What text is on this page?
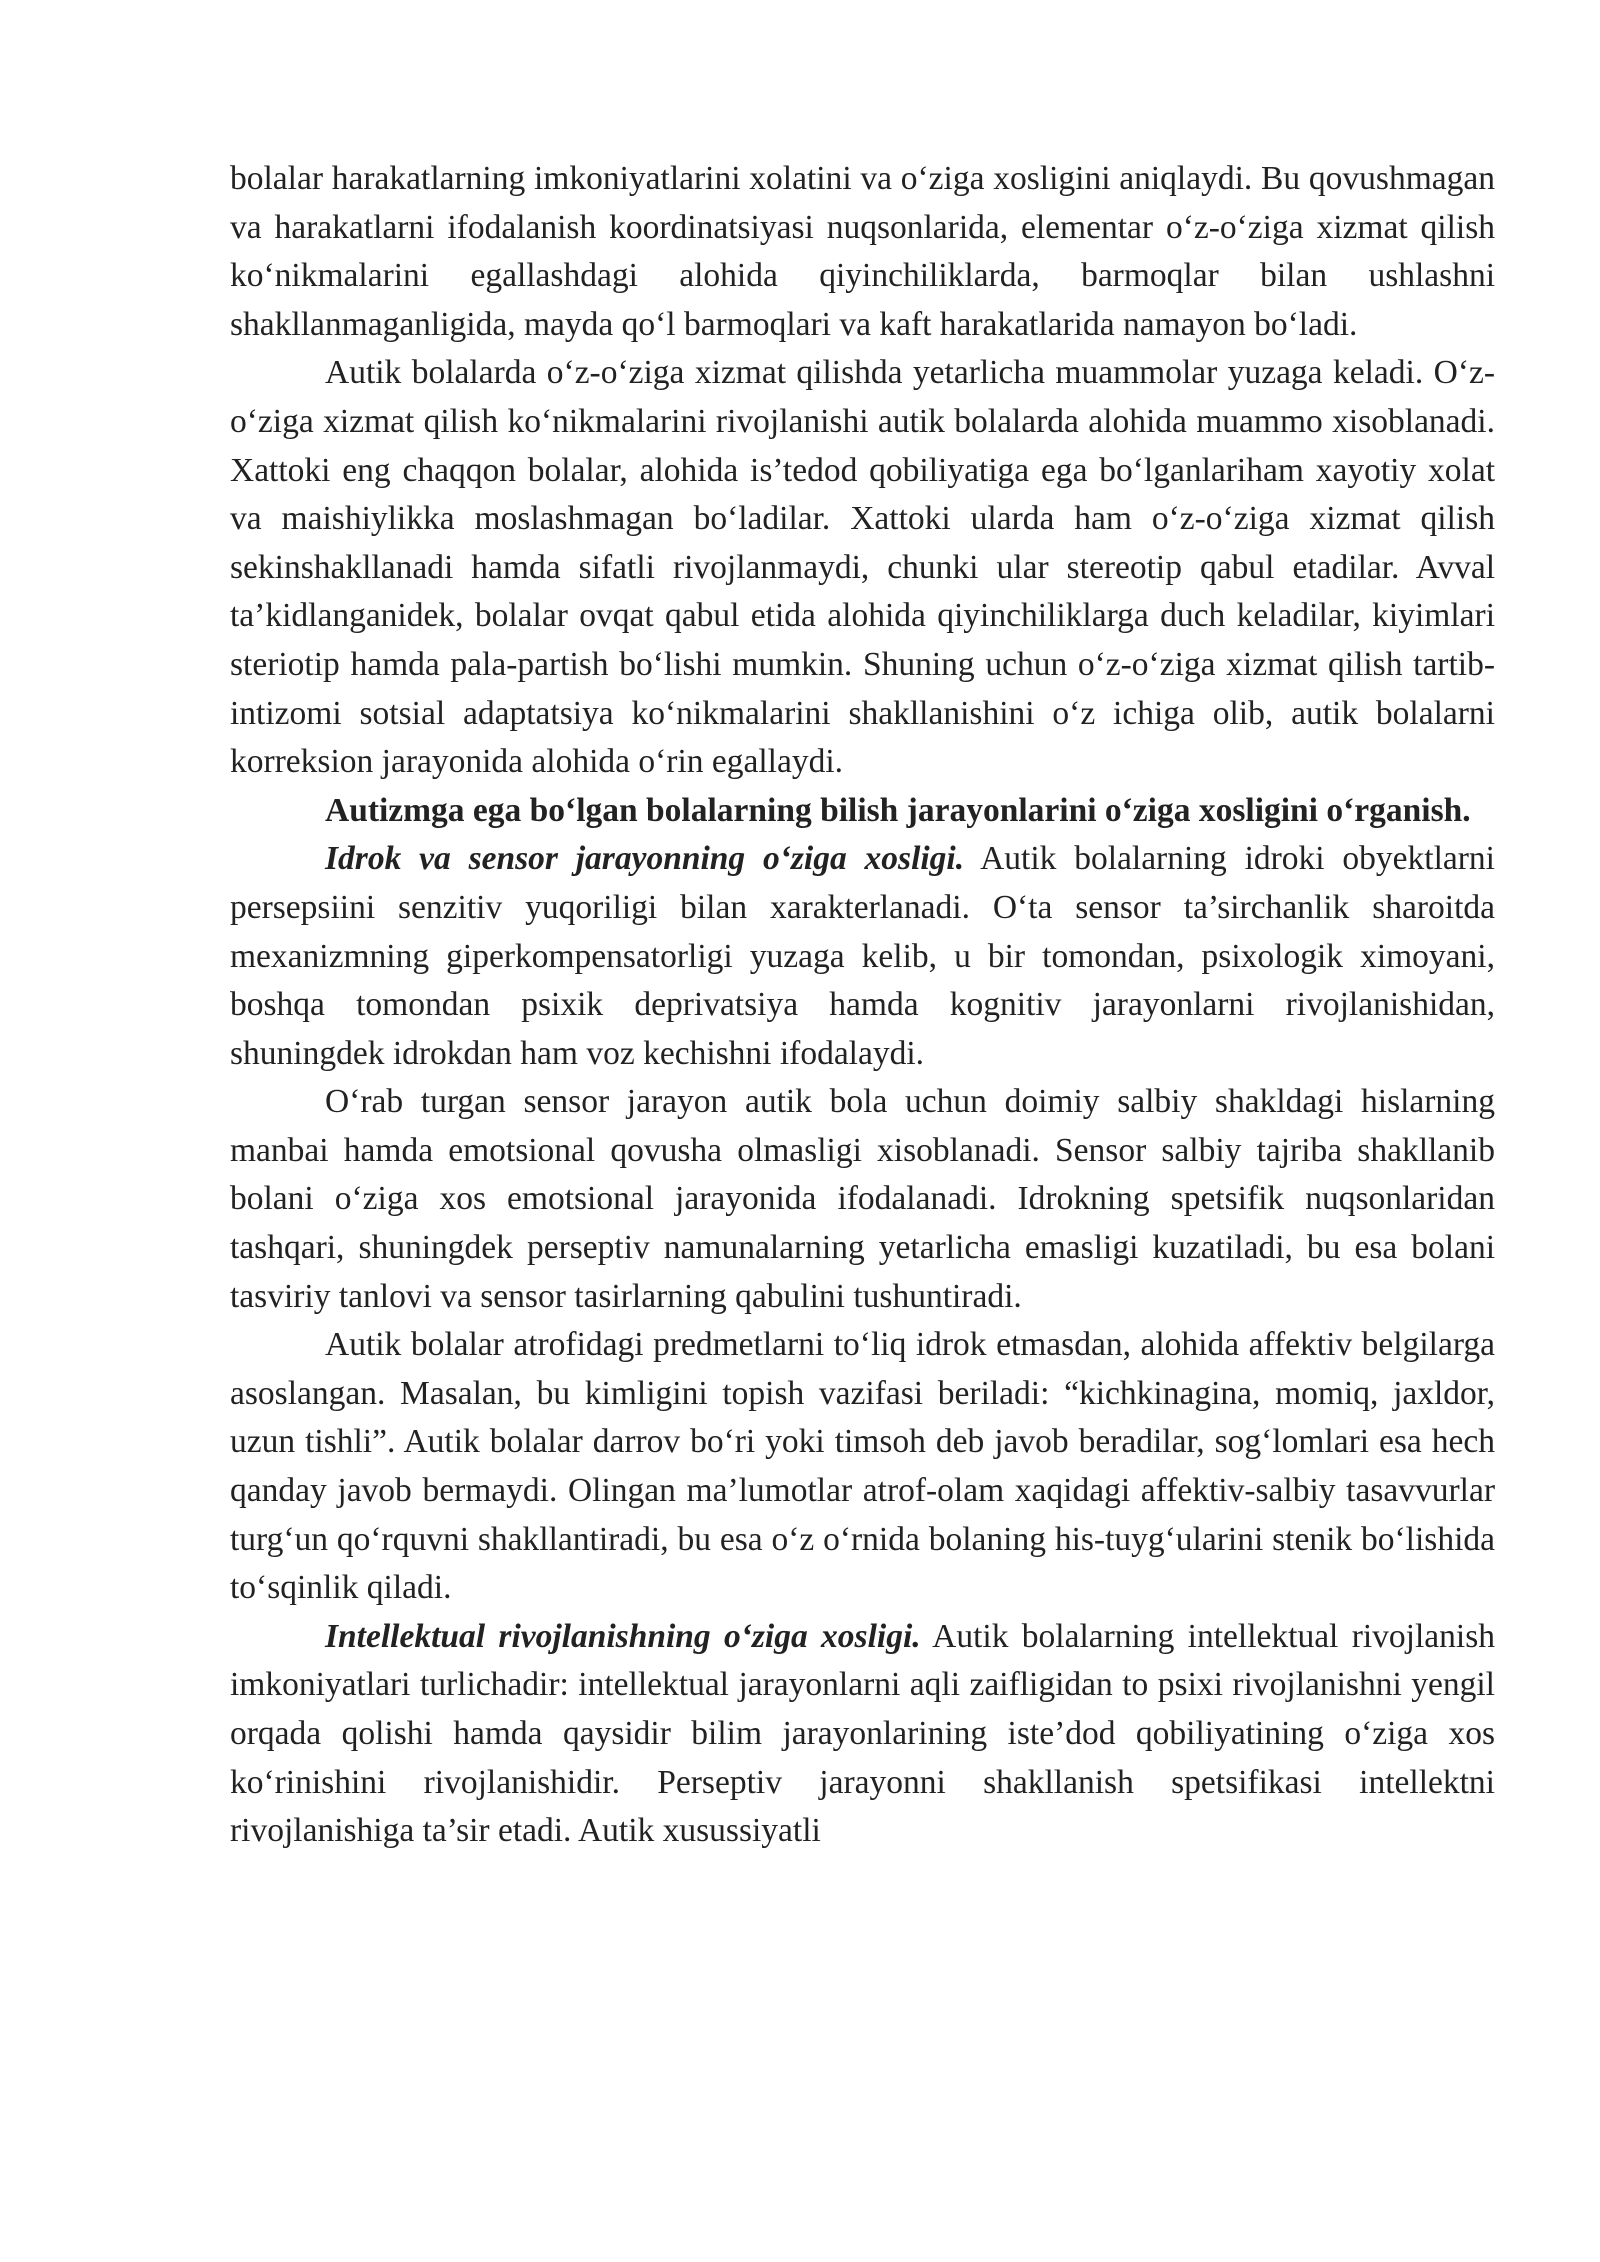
bolalar harakatlarning imkoniyatlarini xolatini va o‘ziga xosligini aniqlaydi. Bu qovushmagan va harakatlarni ifodalanish koordinatsiyasi nuqsonlarida, elementar o‘z-o‘ziga xizmat qilish ko‘nikmalarini egallashdagi alohida qiyinchiliklarda, barmoqlar bilan ushlashni shakllanmaganligida, mayda qo‘l barmoqlari va kaft harakatlarida namayon bo‘ladi.

Autik bolalarda o‘z-o‘ziga xizmat qilishda yetarlicha muammolar yuzaga keladi. O‘z-o‘ziga xizmat qilish ko‘nikmalarini rivojlanishi autik bolalarda alohida muammo xisoblanadi. Xattoki eng chaqqon bolalar, alohida is’tedod qobiliyatiga ega bo‘lganlariham xayotiy xolat va maishiylikka moslashmagan bo‘ladilar. Xattoki ularda ham o‘z-o‘ziga xizmat qilish sekinshakllanadi hamda sifatli rivojlanmaydi, chunki ular stereotip qabul etadilar. Avval ta’kidlanganidek, bolalar ovqat qabul etida alohida qiyinchiliklarga duch keladilar, kiyimlari steriotip hamda pala-partish bo‘lishi mumkin. Shuning uchun o‘z-o‘ziga xizmat qilish tartib-intizomi sotsial adaptatsiya ko‘nikmalarini shakllanishini o‘z ichiga olib, autik bolalarni korreksion jarayonida alohida o‘rin egallaydi.

Autizmga ega bo‘lgan bolalarning bilish jarayonlarini o‘ziga xosligini o‘rganish.

Idrok va sensor jarayonning o‘ziga xosligi. Autik bolalarning idroki obyektlarni persepsiini senzitiv yuqoriligi bilan xarakterlanadi. O‘ta sensor ta’sirchanlik sharoitda mexanizmning giperkompensatorligi yuzaga kelib, u bir tomondan, psixologik ximoyani, boshqa tomondan psixik deprivatsiya hamda kognitiv jarayonlarni rivojlanishidan, shuningdek idrokdan ham voz kechishni ifodalaydi.

O‘rab turgan sensor jarayon autik bola uchun doimiy salbiy shakldagi hislarning manbai hamda emotsional qovusha olmasligi xisoblanadi. Sensor salbiy tajriba shakllanib bolani o‘ziga xos emotsional jarayonida ifodalanadi. Idrokning spetsifik nuqsonlaridan tashqari, shuningdek perseptiv namunalarning yetarlicha emasligi kuzatiladi, bu esa bolani tasviriy tanlovi va sensor tasirlarning qabulini tushuntiradi.

Autik bolalar atrofidagi predmetlarni to‘liq idrok etmasdan, alohida affektiv belgilarga asoslangan. Masalan, bu kimligini topish vazifasi beriladi: “kichkinagina, momiq, jaxldor, uzun tishli”. Autik bolalar darrov bo‘ri yoki timsoh deb javob beradilar, sog‘lomlari esa hech qanday javob bermaydi. Olingan ma’lumotlar atrof-olam xaqidagi affektiv-salbiy tasavvurlar turg‘un qo‘rquvni shakllantiradi, bu esa o‘z o‘rnida bolaning his-tuyg‘ularini stenik bo‘lishida to‘sqinlik qiladi.

Intellektual rivojlanishning o‘ziga xosligi. Autik bolalarning intellektual rivojlanish imkoniyatlari turlichadir: intellektual jarayonlarni aqli zaifligidan to psixi rivojlanishni yengil orqada qolishi hamda qaysidir bilim jarayonlarining iste’dod qobiliyatining o‘ziga xos ko‘rinishini rivojlanishidir. Perseptiv jarayonni shakllanish spetsifikasi intellektni rivojlanishiga ta’sir etadi. Autik xusussiyatli
